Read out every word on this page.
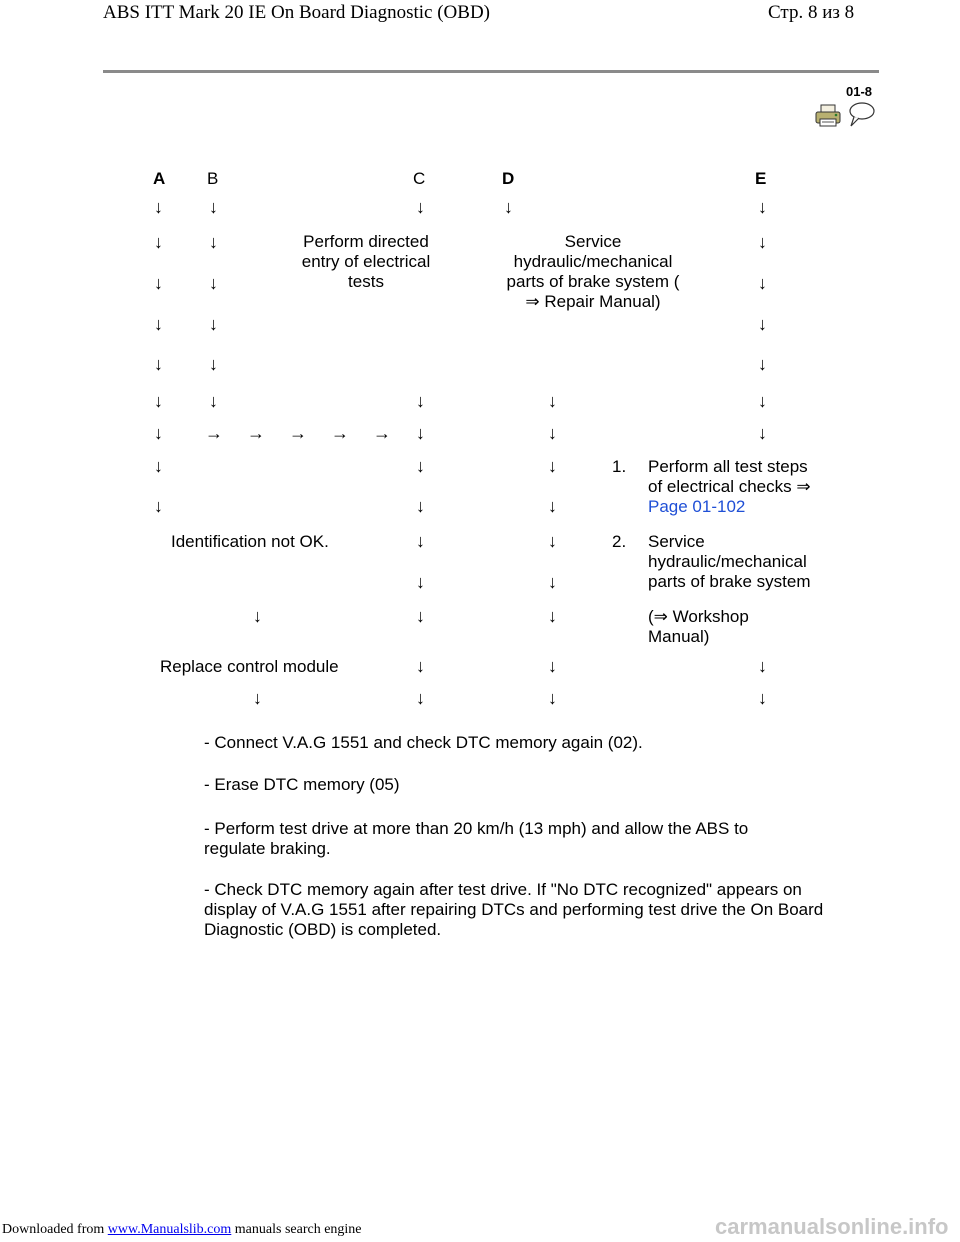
ABS ITT Mark 20 IE On Board Diagnostic (OBD)	Стр. 8 из 8
01-8
A B	C	D	E
↓
↓
↓
↓
↓
↓
↓
↓
↓
↓
↓
↓
↓
↓
↓
→ → → → →
↓
↓
↓
↓
↓
↓
↓
↓
↓
↓
↓
↓
↓
↓
↓
↓
↓
↓
↓
↓
↓
↓
↓
↓
↓
↓
↓
↓
↓
↓
↓
Perform directed entry of electrical tests
Service hydraulic/mechanical parts of brake system (
⇒ Repair Manual)
Identification not OK.
Replace control module
1. Perform all test steps
of electrical checks ⇒
Page 01-102
2. Service hydraulic/mechanical parts of brake system
(⇒ Workshop Manual)
- Connect V.A.G 1551 and check DTC memory again (02).
- Erase DTC memory (05)
- Perform test drive at more than 20 km/h (13 mph) and allow the ABS to regulate braking.
- Check DTC memory again after test drive. If "No DTC recognized" appears on display of V.A.G 1551 after repairing DTCs and performing test drive the On Board Diagnostic (OBD) is completed.
Downloaded from www.Manualslib.com manuals search engine	carmanualsonline.info
